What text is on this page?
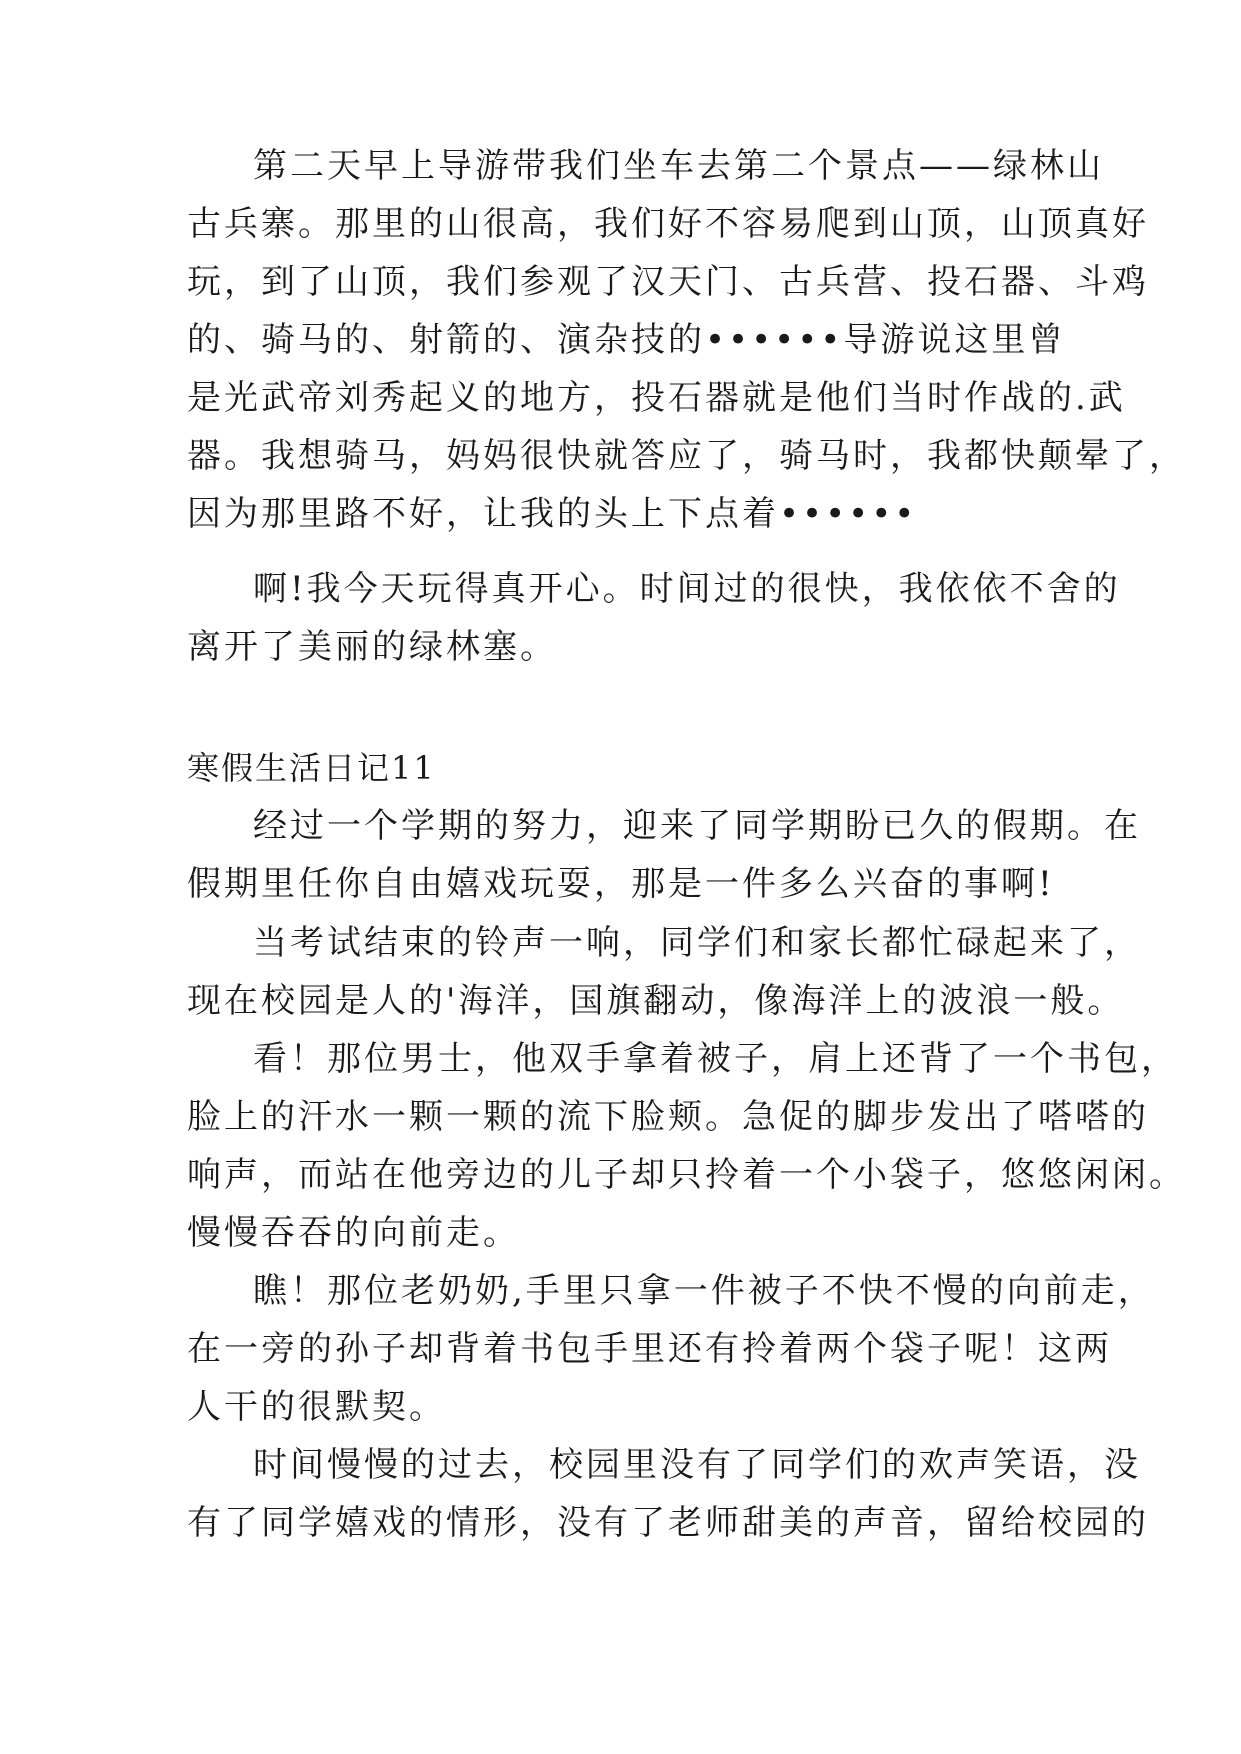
第二天早上导游带我们坐车去第二个景点——绿林山
古兵寨。那里的山很高，我们好不容易爬到山顶，山顶真好
玩，到了山顶，我们参观了汉天门、古兵营、投石器、斗鸡
的、骑马的、射箭的、演杂技的••••••导游说这里曾
是光武帝刘秀起义的地方，投石器就是他们当时作战的.武
器。我想骑马，妈妈很快就答应了，骑马时，我都快颠晕了，
因为那里路不好，让我的头上下点着••••••
啊!我今天玩得真开心。时间过的很快，我依依不舍的
离开了美丽的绿林塞。
寒假生活日记11
经过一个学期的努力，迎来了同学期盼已久的假期。在
假期里任你自由嬉戏玩耍，那是一件多么兴奋的事啊!
当考试结束的铃声一响，同学们和家长都忙碌起来了，
现在校园是人的'海洋，国旗翻动，像海洋上的波浪一般。
看！那位男士，他双手拿着被子，肩上还背了一个书包，
脸上的汗水一颗一颗的流下脸颊。急促的脚步发出了嗒嗒的
响声，而站在他旁边的儿子却只拎着一个小袋子，悠悠闲闲。
慢慢吞吞的向前走。
瞧！那位老奶奶,手里只拿一件被子不快不慢的向前走，
在一旁的孙子却背着书包手里还有拎着两个袋子呢！这两
人干的很默契。
时间慢慢的过去，校园里没有了同学们的欢声笑语，没
有了同学嬉戏的情形，没有了老师甜美的声音，留给校园的
